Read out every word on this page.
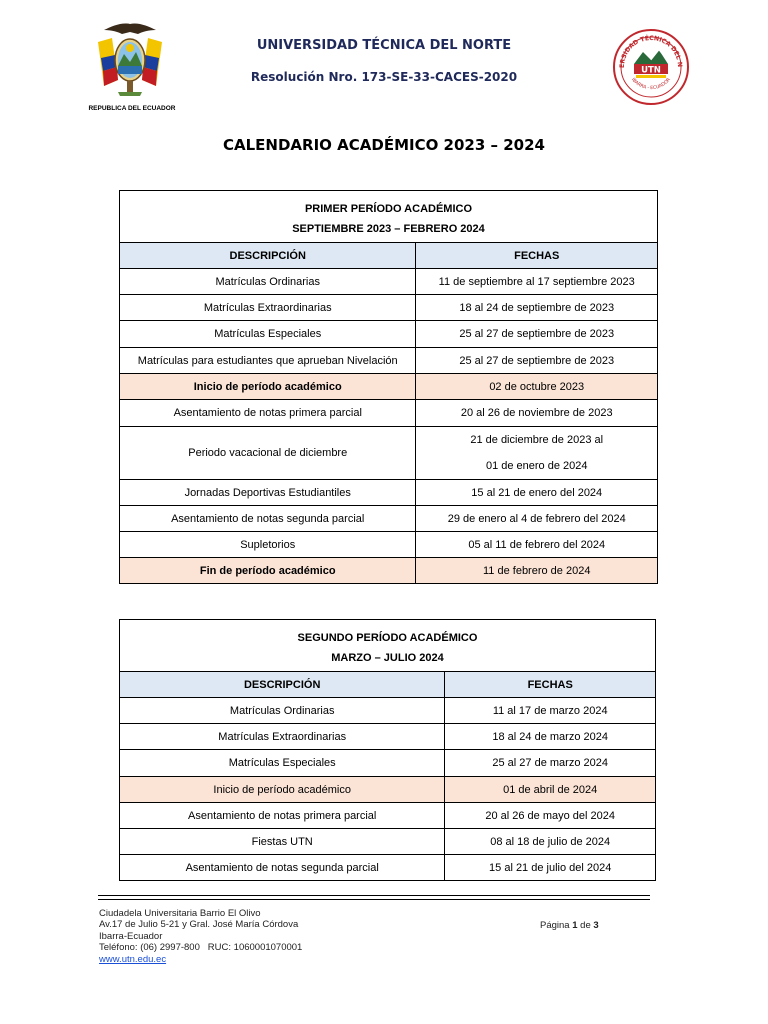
REPUBLICA DEL ECUADOR
UNIVERSIDAD TÉCNICA DEL NORTE
Resolución Nro. 173-SE-33-CACES-2020
ERSIDAD TÉCNICA DEL N
IBARRA - ECUADOR
UTN
CALENDARIO ACADÉMICO 2023 – 2024
PRIMER PERÍODO ACADÉMICO	
SEPTIEMBRE 2023 – FEBRERO 2024	
DESCRIPCIÓN	FECHAS
Matrículas Ordinarias	11 de septiembre al 17 septiembre 2023
Matrículas Extraordinarias	18 al 24 de septiembre de 2023
Matrículas Especiales	25 al 27 de septiembre de 2023
Matrículas para estudiantes que aprueban Nivelación	25 al 27 de septiembre de 2023
Inicio de período académico	02 de octubre 2023
Asentamiento de notas primera parcial	20 al 26 de noviembre de 2023
Periodo vacacional de diciembre	21 de diciembre de 2023 al
01 de enero de 2024

Jornadas Deportivas Estudiantiles	15 al 21 de enero del 2024
Asentamiento de notas segunda parcial	29 de enero al 4 de febrero del 2024
Supletorios	05 al 11 de febrero del 2024
Fin de período académico	11 de febrero de 2024
SEGUNDO PERÍODO ACADÉMICO	
MARZO – JULIO 2024	
DESCRIPCIÓN	FECHAS
Matrículas Ordinarias	11 al 17 de marzo 2024
Matrículas Extraordinarias	18 al 24 de marzo 2024
Matrículas Especiales	25 al 27 de marzo 2024
Inicio de período académico	01 de abril de 2024
Asentamiento de notas primera parcial	20 al 26 de mayo del 2024
Fiestas UTN	08 al 18 de julio de 2024
Asentamiento de notas segunda parcial	15 al 21 de julio del 2024
Ciudadela Universitaria Barrio El Olivo
Av.17 de Julio 5-21 y Gral. José María Córdova
Ibarra-Ecuador
Teléfono: (06) 2997-800   RUC: 1060001070001
www.utn.edu.ec
Página 1 de 3
